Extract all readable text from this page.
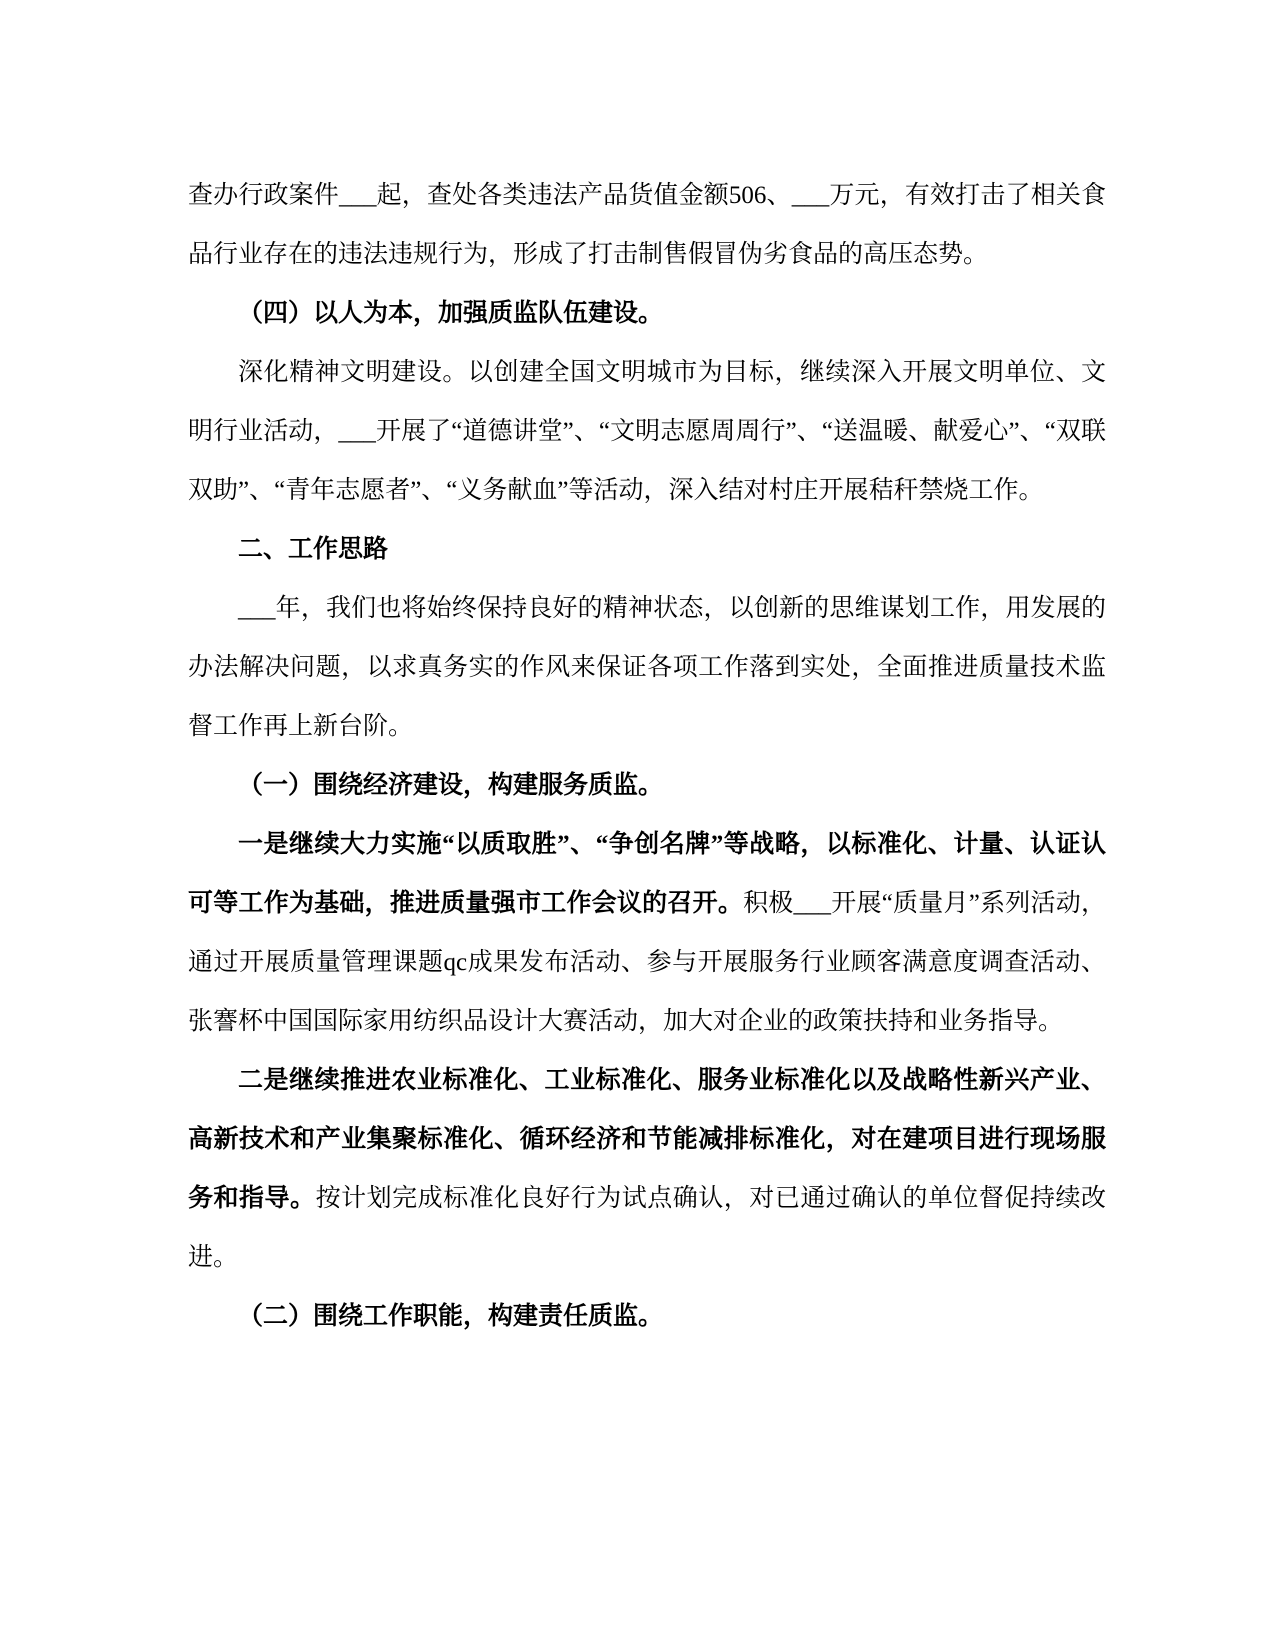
查办行政案件___起，查处各类违法产品货值金额506、___万元，有效打击了相关食品行业存在的违法违规行为，形成了打击制售假冒伪劣食品的高压态势。
（四）以人为本，加强质监队伍建设。
深化精神文明建设。以创建全国文明城市为目标，继续深入开展文明单位、文明行业活动，___开展了“道德讲堂”、“文明志愿周周行”、“送温暖、献爱心”、“双联双助”、“青年志愿者”、“义务献血”等活动，深入结对村庄开展秸秆禁烧工作。
二、工作思路
___年，我们也将始终保持良好的精神状态，以创新的思维谋划工作，用发展的办法解决问题，以求真务实的作风来保证各项工作落到实处，全面推进质量技术监督工作再上新台阶。
（一）围绕经济建设，构建服务质监。
一是继续大力实施“以质取胜”、“争创名牌”等战略，以标准化、计量、认证认可等工作为基础，推进质量强市工作会议的召开。积极___开展“质量月”系列活动，通过开展质量管理课题qc成果发布活动、参与开展服务行业顾客满意度调查活动、张謇杯中国国际家用纺织品设计大赛活动，加大对企业的政策扶持和业务指导。
二是继续推进农业标准化、工业标准化、服务业标准化以及战略性新兴产业、高新技术和产业集聚标准化、循环经济和节能减排标准化，对在建项目进行现场服务和指导。按计划完成标准化良好行为试点确认，对已通过确认的单位督促持续改进。
（二）围绕工作职能，构建责任质监。
